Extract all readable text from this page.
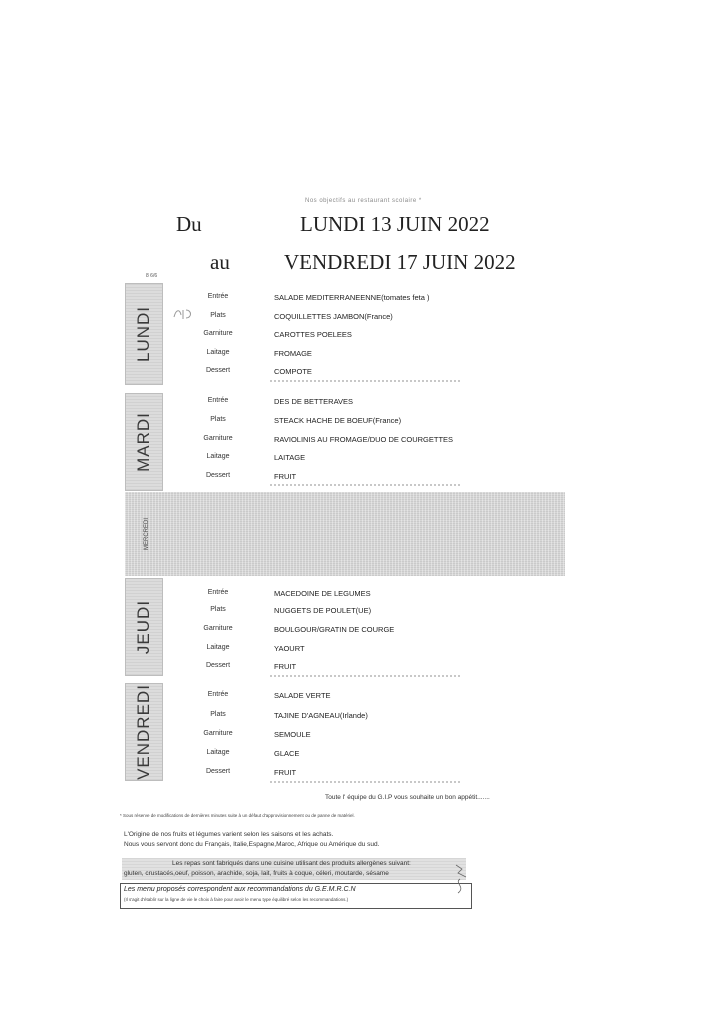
Nos objectifs au restaurant scolaire *
Du	LUNDI 13 JUIN 2022
au	VENDREDI 17 JUIN 2022
8 6/6
LUNDI
Entrée	SALADE MEDITERRANEENNE(tomates feta )
Plats	COQUILLETTES JAMBON(France)
Garniture	CAROTTES POELEES
Laitage	FROMAGE
Dessert	COMPOTE
MARDI
Entrée	DES DE BETTERAVES
Plats	STEACK HACHE DE BOEUF(France)
Garniture	RAVIOLINIS AU FROMAGE/DUO DE COURGETTES
Laitage	LAITAGE
Dessert	FRUIT
MERCREDI
JEUDI
Entrée	MACEDOINE DE LEGUMES
Plats	NUGGETS DE POULET(UE)
Garniture	BOULGOUR/GRATIN DE COURGE
Laitage	YAOURT
Dessert	FRUIT
VENDREDI	Entrée	SALADE VERTE
Plats	TAJINE D'AGNEAU(Irlande)
Garniture	SEMOULE
Laitage	GLACE
Dessert	FRUIT
Toute l' équipe du G.I.P vous souhaite un bon appétit.......
* Sous réserve de modifications de dernières minutes suite à un défaut d'approvisionnement ou de panne de matériel.
L'Origine de nos fruits et légumes varient selon les saisons et les achats.
Nous vous servont donc du Français, Italie,Espagne,Maroc, Afrique ou Amérique du sud.
Les repas sont fabriqués dans une cuisine utilisant des produits allergènes suivant:
gluten, crustacés,oeuf, poisson, arachide, soja, lait, fruits à coque, céleri, moutarde, sésame
Les menu proposés correspondent aux recommandations du G.E.M.R.C.N
(Il s'agit d'établir sur la ligne de vie le choix à faire pour avoir le menu type équilibré selon les recommandations.)
